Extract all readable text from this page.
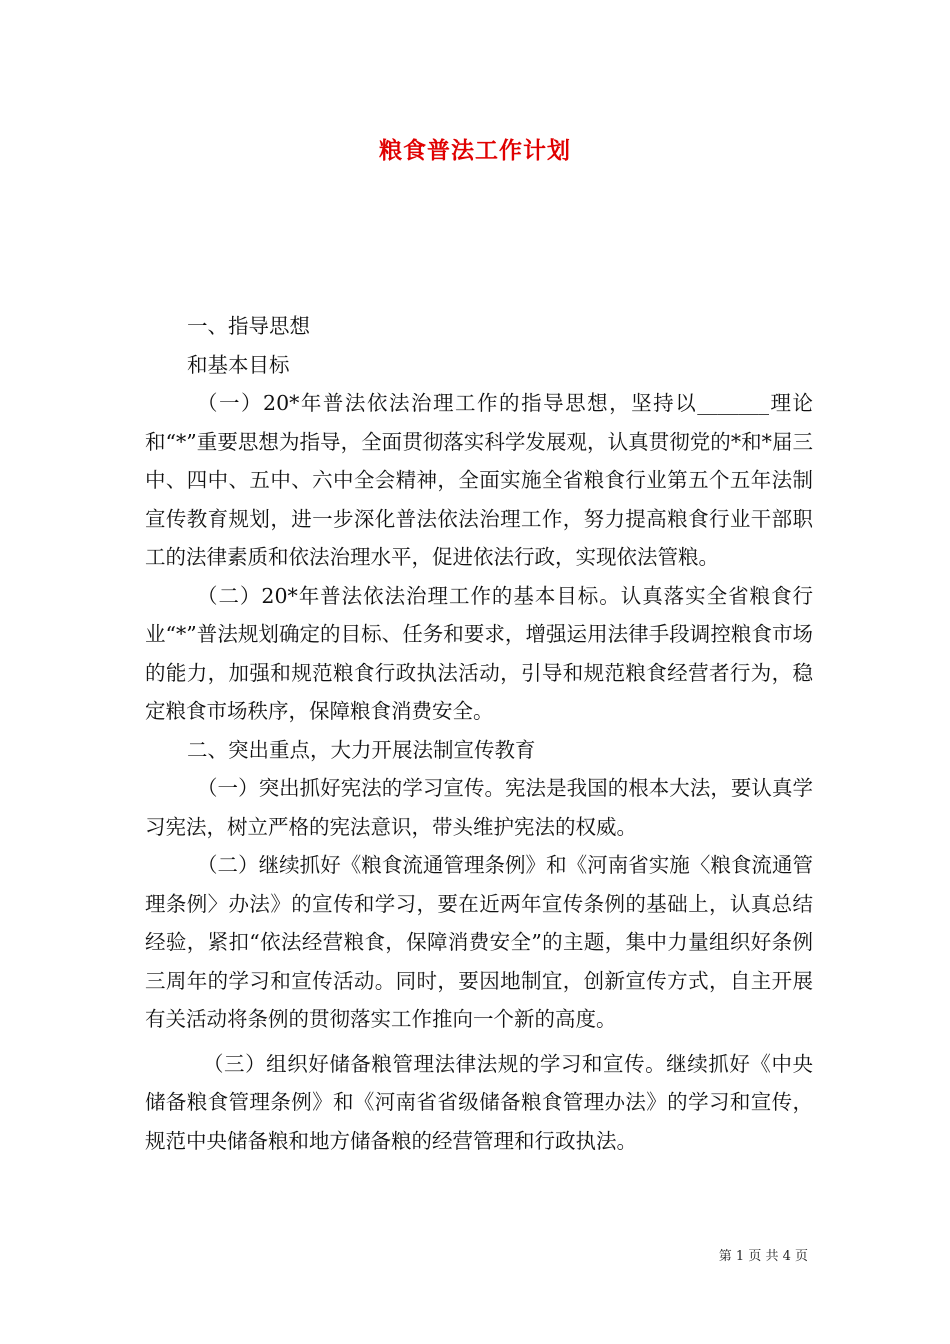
粮食普法工作计划

一、指导思想

和基本目标

（一）20*年普法依法治理工作的指导思想，坚持以_______理论和“*”重要思想为指导，全面贯彻落实科学发展观，认真贯彻党的*和*届三中、四中、五中、六中全会精神，全面实施全省粮食行业第五个五年法制宣传教育规划，进一步深化普法依法治理工作，努力提高粮食行业干部职工的法律素质和依法治理水平，促进依法行政，实现依法管粮。

（二）20*年普法依法治理工作的基本目标。认真落实全省粮食行业“*”普法规划确定的目标、任务和要求，增强运用法律手段调控粮食市场的能力，加强和规范粮食行政执法活动，引导和规范粮食经营者行为，稳定粮食市场秩序，保障粮食消费安全。

二、突出重点，大力开展法制宣传教育

（一）突出抓好宪法的学习宣传。宪法是我国的根本大法，要认真学习宪法，树立严格的宪法意识，带头维护宪法的权威。

（二）继续抓好《粮食流通管理条例》和《河南省实施〈粮食流通管理条例〉办法》的宣传和学习，要在近两年宣传条例的基础上，认真总结经验，紧扣“依法经营粮食，保障消费安全”的主题，集中力量组织好条例三周年的学习和宣传活动。同时，要因地制宜，创新宣传方式，自主开展有关活动将条例的贯彻落实工作推向一个新的高度。

（三）组织好储备粮管理法律法规的学习和宣传。继续抓好《中央储备粮食管理条例》和《河南省省级储备粮食管理办法》的学习和宣传，规范中央储备粮和地方储备粮的经营管理和行政执法。

第 1 页 共 4 页
